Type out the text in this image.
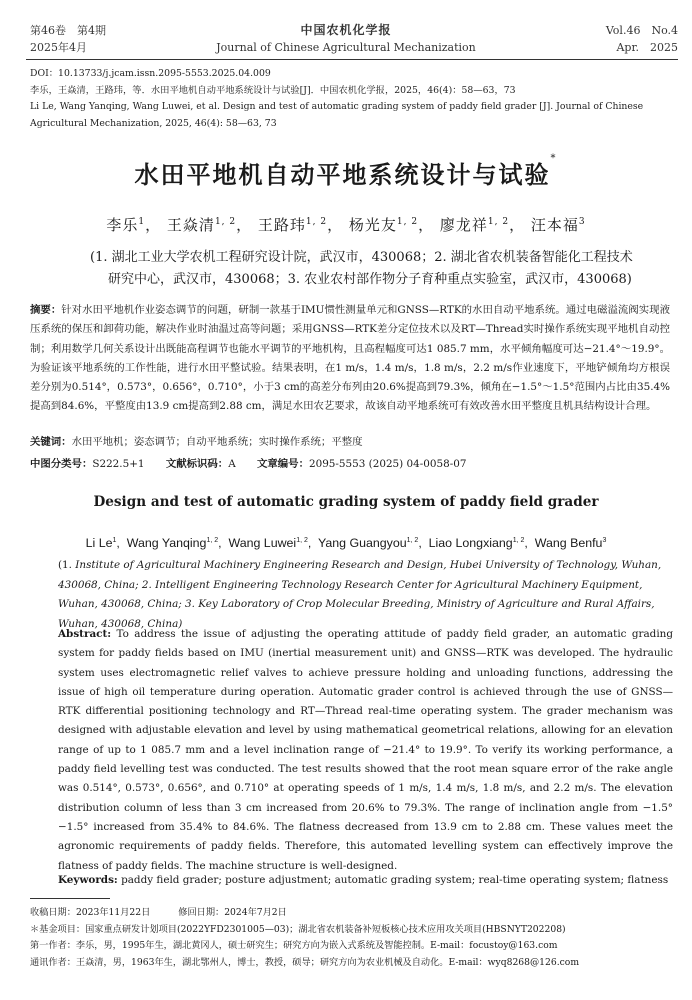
第46卷　第4期
2025年4月
中国农机化学报
Journal of Chinese Agricultural Mechanization
Vol.46　No.4
Apr.　2025
DOI：10.13733/j.jcam.issn.2095-5553.2025.04.009
李乐，王焱清，王路玮，等．水田平地机自动平地系统设计与试验[J]．中国农机化学报，2025，46(4)：58—63，73
Li Le, Wang Yanqing, Wang Luwei, et al. Design and test of automatic grading system of paddy field grader [J]. Journal of Chinese Agricultural Mechanization, 2025, 46(4): 58—63, 73
水田平地机自动平地系统设计与试验*
李乐$^1$， 王焱清$^{1, 2}$， 王路玮$^{1, 2}$， 杨光友$^{1, 2}$， 廖龙祥$^{1, 2}$， 汪本福$^3$
(1. 湖北工业大学农机工程研究设计院，武汉市，430068；2. 湖北省农机装备智能化工程技术
研究中心，武汉市，430068；3. 农业农村部作物分子育种重点实验室，武汉市，430068)
摘要：针对水田平地机作业姿态调节的问题，研制一款基于IMU惯性测量单元和GNSS—RTK的水田自动平地系统。通过电磁溢流阀实现液压系统的保压和卸荷功能，解决作业时油温过高等问题；采用GNSS—RTK差分定位技术以及RT—Thread实时操作系统实现平地机自动控制；利用数学几何关系设计出既能高程调节也能水平调节的平地机构，且高程幅度可达1 085.7 mm，水平倾角幅度可达−21.4°～19.9°。为验证该平地系统的工作性能，进行水田平整试验。结果表明，在1 m/s，1.4 m/s，1.8 m/s，2.2 m/s作业速度下，平地铲倾角均方根误差分别为0.514°，0.573°，0.656°，0.710°，小于3 cm的高差分布列由20.6%提高到79.3%，倾角在−1.5°～1.5°范围内占比由35.4%提高到84.6%，平整度由13.9 cm提高到2.88 cm，满足水田农艺要求，故该自动平地系统可有效改善水田平整度且机具结构设计合理。
关键词：水田平地机；姿态调节；自动平地系统；实时操作系统；平整度
中图分类号：S222.5+1 文献标识码：A 文章编号：2095-5553 (2025) 04-0058-07
Design and test of automatic grading system of paddy field grader
Li Le$^1$,  Wang Yanqing$^{1, 2}$,  Wang Luwei$^{1, 2}$,  Yang Guangyou$^{1, 2}$,  Liao Longxiang$^{1, 2}$,  Wang Benfu$^3$
(1. Institute of Agricultural Machinery Engineering Research and Design, Hubei University of Technology, Wuhan, 430068, China; 2. Intelligent Engineering Technology Research Center for Agricultural Machinery Equipment, Wuhan, 430068, China; 3. Key Laboratory of Crop Molecular Breeding, Ministry of Agriculture and Rural Affairs, Wuhan, 430068, China)
Abstract: To address the issue of adjusting the operating attitude of paddy field grader, an automatic grading system for paddy fields based on IMU (inertial measurement unit) and GNSS—RTK was developed. The hydraulic system uses electromagnetic relief valves to achieve pressure holding and unloading functions, addressing the issue of high oil temperature during operation. Automatic grader control is achieved through the use of GNSS—RTK differential positioning technology and RT—Thread real-time operating system. The grader mechanism was designed with adjustable elevation and level by using mathematical geometrical relations, allowing for an elevation range of up to 1 085.7 mm and a level inclination range of −21.4° to 19.9°. To verify its working performance, a paddy field levelling test was conducted. The test results showed that the root mean square error of the rake angle was 0.514°, 0.573°, 0.656°, and 0.710° at operating speeds of 1 m/s, 1.4 m/s, 1.8 m/s, and 2.2 m/s. The elevation distribution column of less than 3 cm increased from 20.6% to 79.3%. The range of inclination angle from −1.5°−1.5° increased from 35.4% to 84.6%. The flatness decreased from 13.9 cm to 2.88 cm. These values meet the agronomic requirements of paddy fields. Therefore, this automated levelling system can effectively improve the flatness of paddy fields. The machine structure is well-designed.
Keywords: paddy field grader; posture adjustment; automatic grading system; real-time operating system; flatness
收稿日期：2023年11月22日	修回日期：2024年7月2日
＊基金项目：国家重点研发计划项目(2022YFD2301005—03)；湖北省农机装备补短板核心技术应用攻关项目(HBSNYT202208)
第一作者：李乐，男，1995年生，湖北黄冈人，硕士研究生；研究方向为嵌入式系统及智能控制。E-mail：focustoy@163.com
通讯作者：王焱清，男，1963年生，湖北鄂州人，博士，教授，硕导；研究方向为农业机械及自动化。E-mail：wyq8268@126.com
